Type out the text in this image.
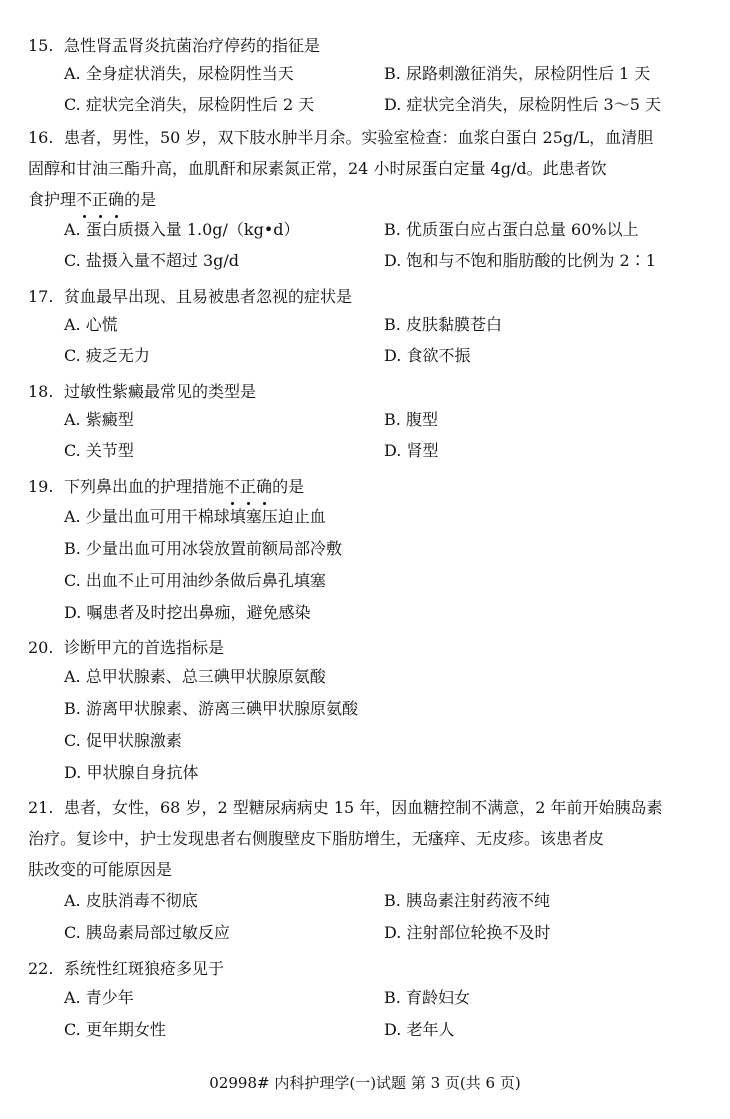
15. 急性肾盂肾炎抗菌治疗停药的指征是
A. 全身症状消失，尿检阴性当天	B. 尿路刺激征消失，尿检阴性后 1 天
C. 症状完全消失，尿检阴性后 2 天	D. 症状完全消失，尿检阴性后 3～5 天
16. 患者，男性，50 岁，双下肢水肿半月余。实验室检查：血浆白蛋白 25g/L，血清胆
固醇和甘油三酯升高，血肌酐和尿素氮正常，24 小时尿蛋白定量 4g/d。此患者饮
食护理不正确的是
A. 蛋白质摄入量 1.0g/（kg•d）	B. 优质蛋白应占蛋白总量 60%以上
C. 盐摄入量不超过 3g/d	D. 饱和与不饱和脂肪酸的比例为 2∶1
17. 贫血最早出现、且易被患者忽视的症状是
A. 心慌	B. 皮肤黏膜苍白
C. 疲乏无力	D. 食欲不振
18. 过敏性紫癜最常见的类型是
A. 紫癜型	B. 腹型
C. 关节型	D. 肾型
19. 下列鼻出血的护理措施不正确的是
A. 少量出血可用干棉球填塞压迫止血
B. 少量出血可用冰袋放置前额局部冷敷
C. 出血不止可用油纱条做后鼻孔填塞
D. 嘱患者及时挖出鼻痂，避免感染
20. 诊断甲亢的首选指标是
A. 总甲状腺素、总三碘甲状腺原氨酸
B. 游离甲状腺素、游离三碘甲状腺原氨酸
C. 促甲状腺激素
D. 甲状腺自身抗体
21. 患者，女性，68 岁，2 型糖尿病病史 15 年，因血糖控制不满意，2 年前开始胰岛素
治疗。复诊中，护士发现患者右侧腹壁皮下脂肪增生，无瘙痒、无皮疹。该患者皮
肤改变的可能原因是
A. 皮肤消毒不彻底	B. 胰岛素注射药液不纯
C. 胰岛素局部过敏反应	D. 注射部位轮换不及时
22. 系统性红斑狼疮多见于
A. 青少年	B. 育龄妇女
C. 更年期女性	D. 老年人
02998# 内科护理学(一)试题 第 3 页(共 6 页)
